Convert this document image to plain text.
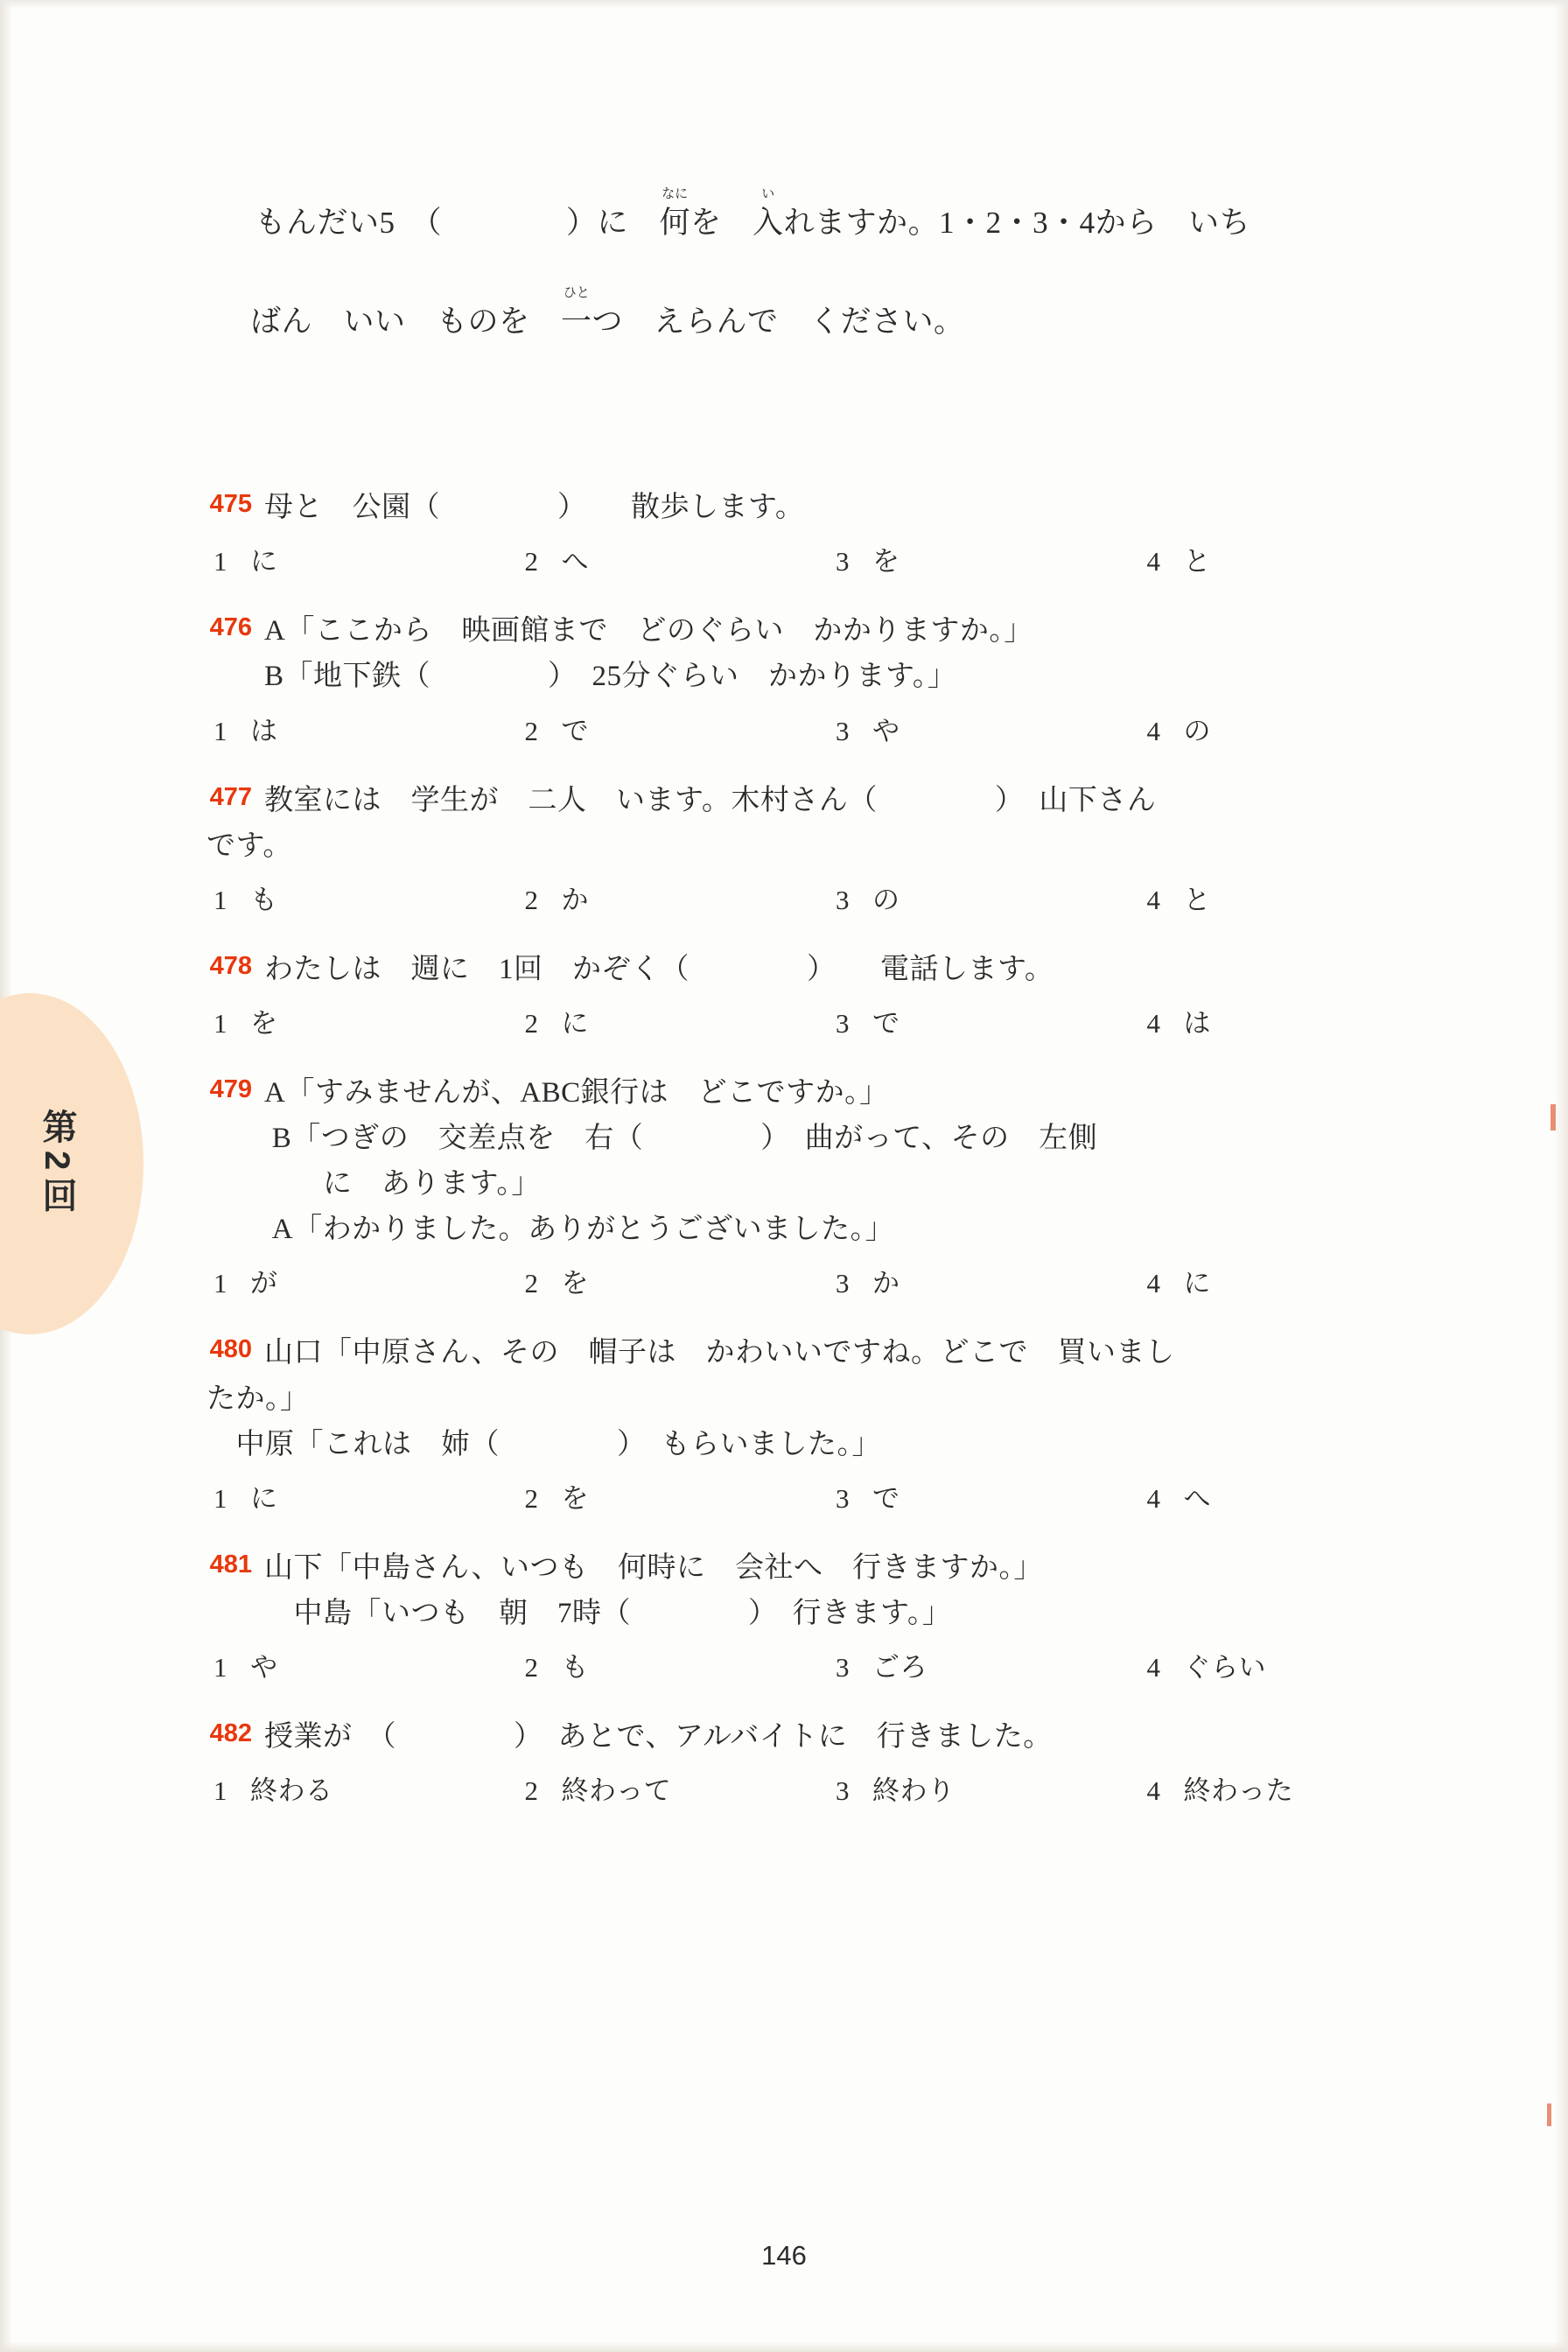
第2回

もんだい5　（　　　　）に　
なに
何を　
い
入れますか。1・2・3・4から　いち

ばん　いい　ものを　
ひと
一つ　えらんで　ください。

475 母と　公園（　　　　）　　散歩します。
1 に	2 へ	3 を	4 と
476 A「ここから　映画館まで　どのぐらい　かかりますか。」
B「地下鉄（　　　　）　25分ぐらい　かかります。」
1 は	2 で	3 や	4 の
477 教室には　学生が　二人　います。木村さん（　　　　）　山下さん
です。
1 も	2 か	3 の	4 と
478 わたしは　週に　1回　かぞく（　　　　）　　電話します。
1 を	2 に	3 で	4 は
479 A「すみませんが、ABC銀行は　どこですか。」
B「つぎの　交差点を　右（　　　　）　曲がって、その　左側
　　に　あります。」
A「わかりました。ありがとうございました。」
1 が	2 を	3 か	4 に
480 山口「中原さん、その　帽子は　かわいいですね。どこで　買いまし
たか。」
　中原「これは　姉（　　　　）　もらいました。」
1 に	2 を	3 で	4 へ
481 山下「中島さん、いつも　何時に　会社へ　行きますか。」
　中島「いつも　朝　7時（　　　　）　行きます。」
1 や	2 も	3 ごろ	4 ぐらい
482 授業が　（　　　　）　あとで、アルバイトに　行きました。
1 終わる	2 終わって	3 終わり	4 終わった
146
